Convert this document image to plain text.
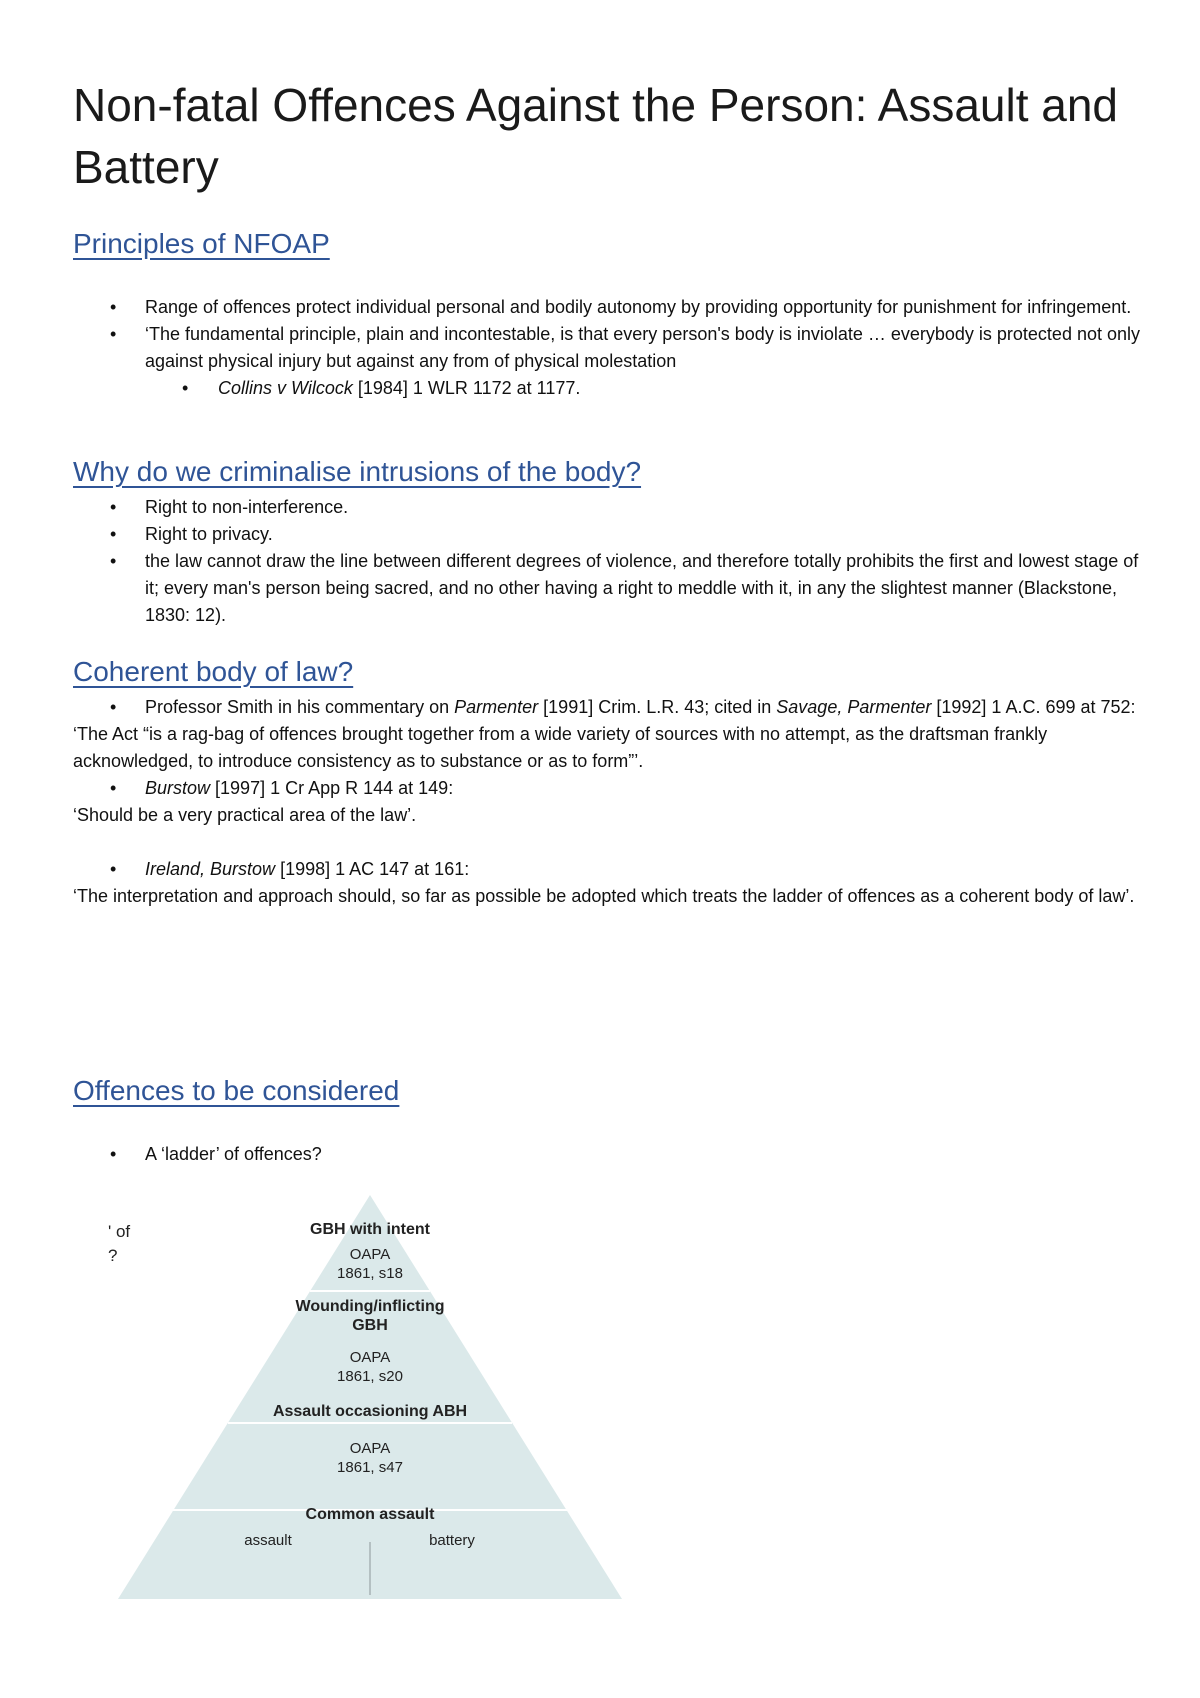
Non-fatal Offences Against the Person: Assault and Battery
Principles of NFOAP
• Range of offences protect individual personal and bodily autonomy by providing opportunity for punishment for infringement.
• ‘The fundamental principle, plain and incontestable, is that every person's body is inviolate … everybody is protected not only against physical injury but against any from of physical molestation
• Collins v Wilcock [1984] 1 WLR 1172 at 1177.
Why do we criminalise intrusions of the body?
• Right to non-interference.
• Right to privacy.
• the law cannot draw the line between different degrees of violence, and therefore totally prohibits the first and lowest stage of it; every man's person being sacred, and no other having a right to meddle with it, in any the slightest manner (Blackstone, 1830: 12).
Coherent body of law?
• Professor Smith in his commentary on Parmenter [1991] Crim. L.R. 43; cited in Savage, Parmenter [1992] 1 A.C. 699 at 752:
‘The Act “is a rag-bag of offences brought together from a wide variety of sources with no attempt, as the draftsman frankly acknowledged, to introduce consistency as to substance or as to form”’.
• Burstow [1997] 1 Cr App R 144 at 149:
‘Should be a very practical area of the law’.
• Ireland, Burstow [1998] 1 AC 147 at 161:
‘The interpretation and approach should, so far as possible be adopted which treats the ladder of offences as a coherent body of law’.
Offences to be considered
• A ‘ladder’ of offences?
' of
?
GBH with intent
OAPA
1861, s18
Wounding/inflicting
GBH
OAPA
1861, s20
Assault occasioning ABH
OAPA
1861, s47
Common assault
assault	battery
